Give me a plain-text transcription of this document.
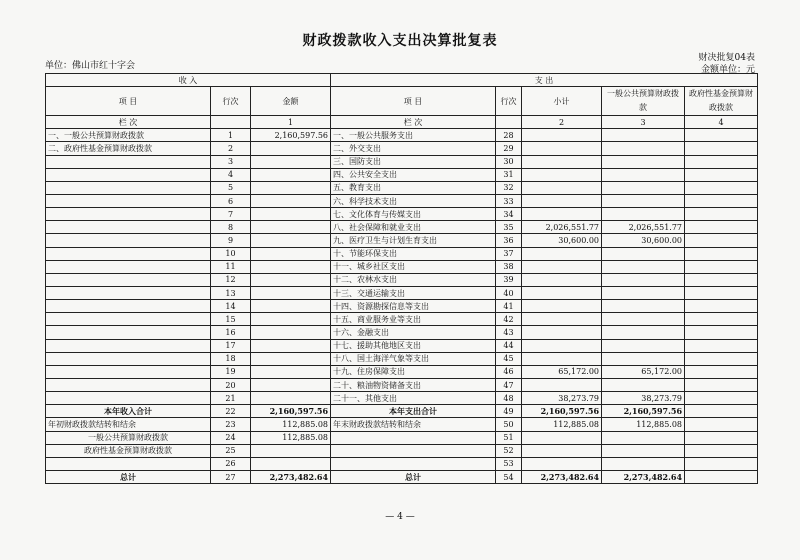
财政拨款收入支出决算批复表
单位：佛山市红十字会
财决批复04表
金额单位：元
收 入			支 出				
项 目	行次	金额	项 目	行次	小计	一般公共预算财政拨款	政府性基金预算财政拨款
栏 次		1	栏 次		2	3	4
一、一般公共预算财政拨款	1	2,160,597.56	一、一般公共服务支出	28			
二、政府性基金预算财政拨款	2		二、外交支出	29			
	3		三、国防支出	30			
	4		四、公共安全支出	31			
	5		五、教育支出	32			
	6		六、科学技术支出	33			
	7		七、文化体育与传媒支出	34			
	8		八、社会保障和就业支出	35	2,026,551.77	2,026,551.77	
	9		九、医疗卫生与计划生育支出	36	30,600.00	30,600.00	
	10		十、节能环保支出	37			
	11		十一、城乡社区支出	38			
	12		十二、农林水支出	39			
	13		十三、交通运输支出	40			
	14		十四、资源勘探信息等支出	41			
	15		十五、商业服务业等支出	42			
	16		十六、金融支出	43			
	17		十七、援助其他地区支出	44			
	18		十八、国土海洋气象等支出	45			
	19		十九、住房保障支出	46	65,172.00	65,172.00	
	20		二十、粮油物资储备支出	47			
	21		二十一、其他支出	48	38,273.79	38,273.79	
本年收入合计	22	2,160,597.56	本年支出合计	49	2,160,597.56	2,160,597.56	
年初财政拨款结转和结余	23	112,885.08	年末财政拨款结转和结余	50	112,885.08	112,885.08	
一般公共预算财政拨款	24	112,885.08		51			
政府性基金预算财政拨款	25			52			
	26			53			
总计	27	2,273,482.64	总计	54	2,273,482.64	2,273,482.64	
— 4 —
